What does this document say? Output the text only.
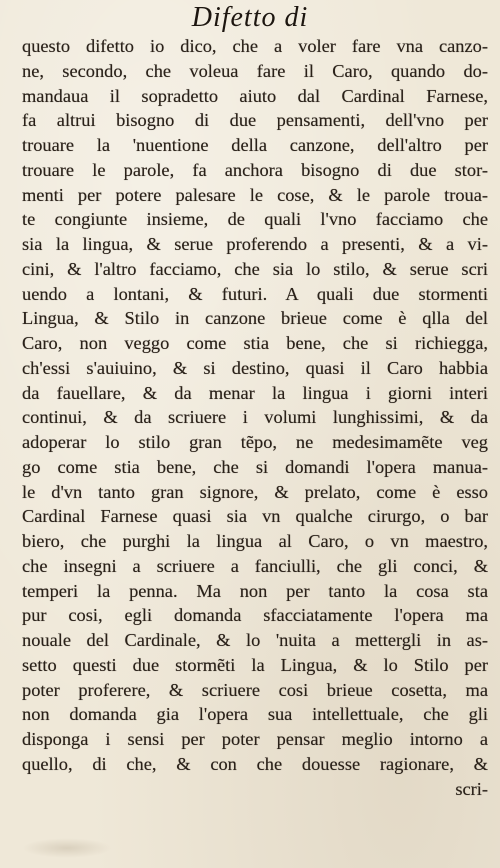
Difetto di
questo difetto io dico, che a voler fare vna canzo-
ne, secondo, che voleua fare il Caro, quando do-
mandaua il sopradetto aiuto dal Cardinal Farnese,
fa altrui bisogno di due pensamenti, dell'vno per
trouare la 'nuentione della canzone, dell'altro per
trouare le parole, fa anchora bisogno di due stor-
menti per potere palesare le cose, & le parole troua-
te congiunte insieme, de quali l'vno facciamo che
sia la lingua, & serue proferendo a presenti, & a vi-
cini, & l'altro facciamo, che sia lo stilo, & serue scri
uendo a lontani, & futuri. A quali due stormenti
Lingua, & Stilo in canzone brieue come è qlla del
Caro, non veggo come stia bene, che si richiegga,
ch'essi s'auiuino, & si destino, quasi il Caro habbia
da fauellare, & da menar la lingua i giorni interi
continui, & da scriuere i volumi lunghissimi, & da
adoperar lo stilo gran tẽpo, ne medesimamẽte veg
go come stia bene, che si domandi l'opera manua-
le d'vn tanto gran signore, & prelato, come è esso
Cardinal Farnese quasi sia vn qualche cirurgo, o bar
biero, che purghi la lingua al Caro, o vn maestro,
che insegni a scriuere a fanciulli, che gli conci, &
temperi la penna. Ma non per tanto la cosa sta
pur cosi, egli domanda sfacciatamente l'opera ma
nouale del Cardinale, & lo 'nuita a mettergli in as-
setto questi due stormẽti la Lingua, & lo Stilo per
poter proferere, & scriuere cosi brieue cosetta, ma
non domanda gia l'opera sua intellettuale, che gli
disponga i sensi per poter pensar meglio intorno a
quello, di che, & con che douesse ragionare, &
scri-
